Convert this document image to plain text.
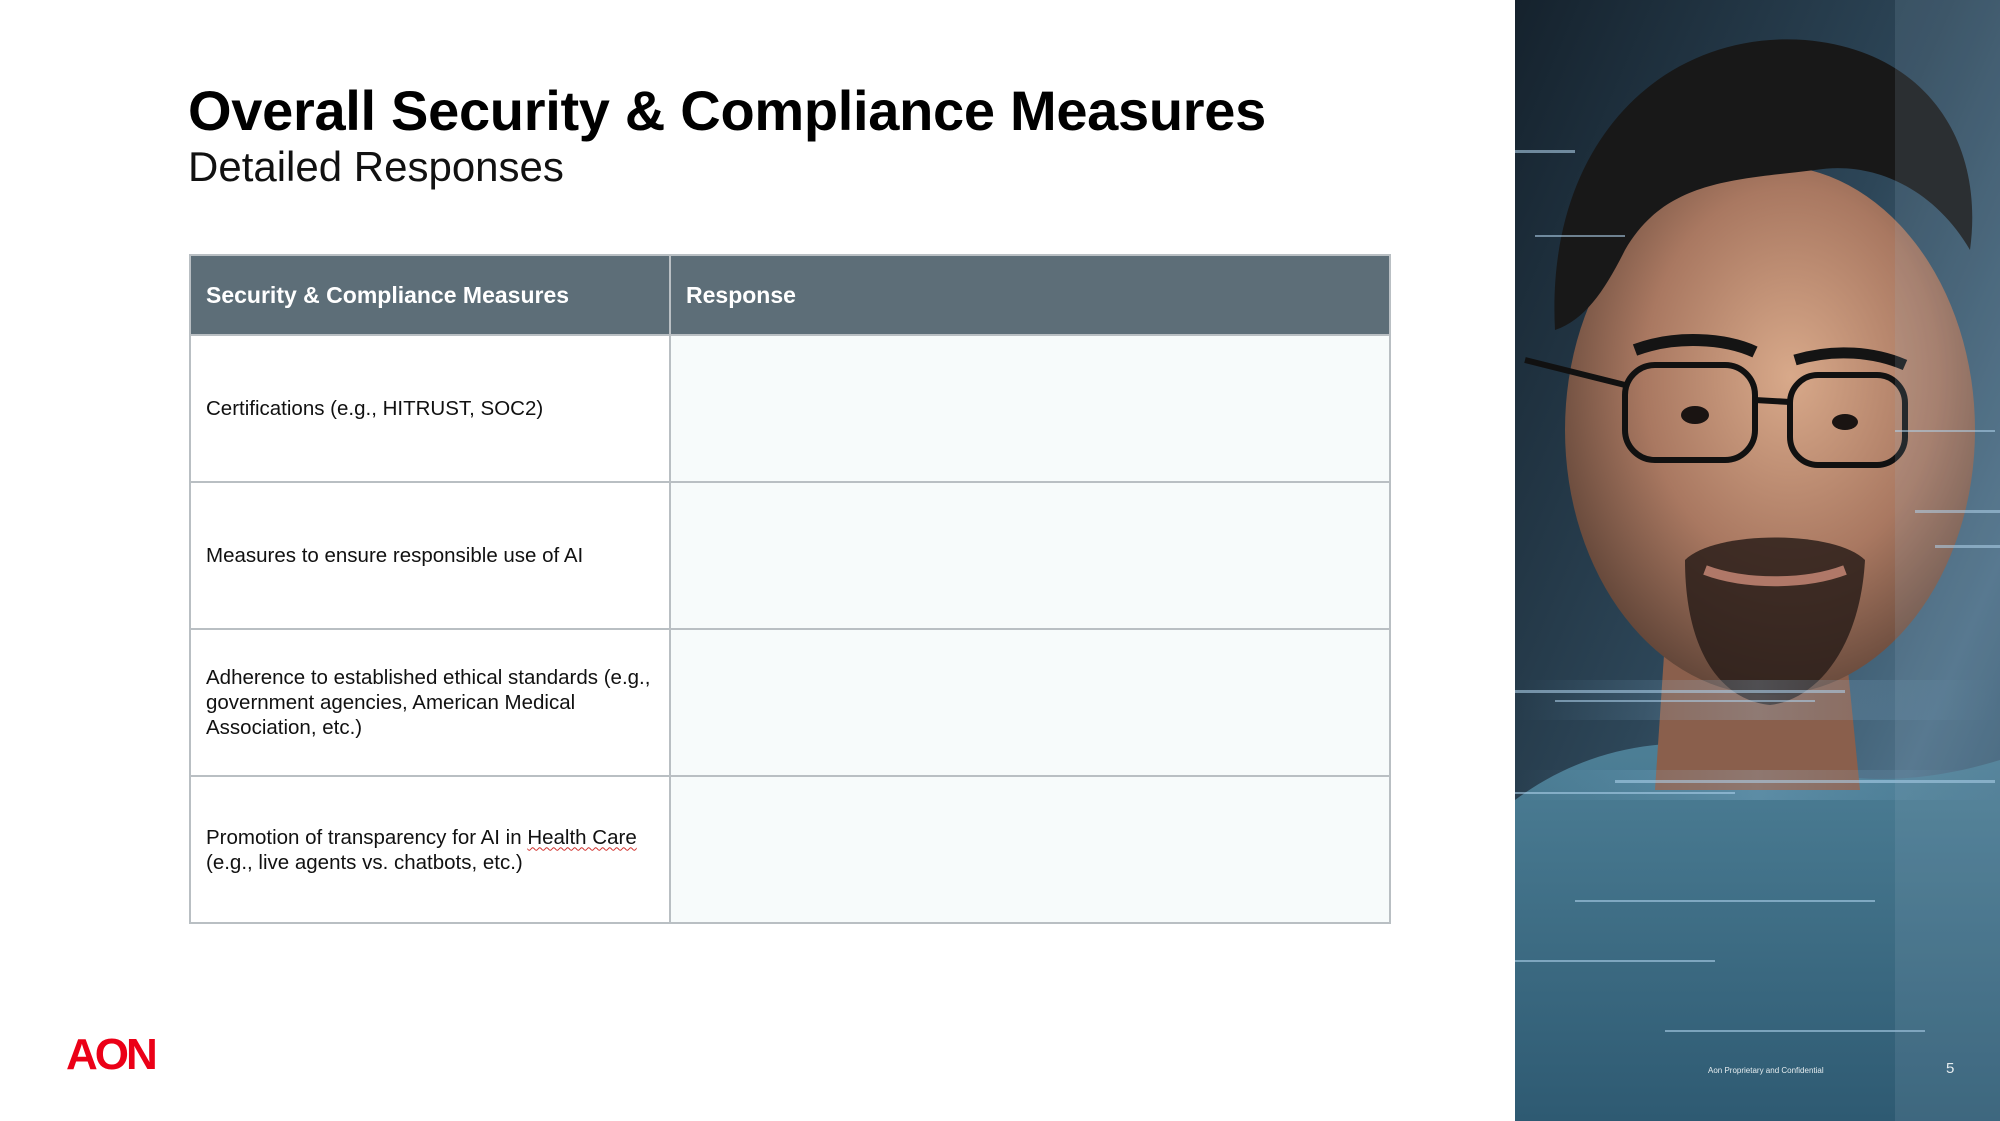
Overall Security & Compliance Measures
Detailed Responses
Security & Compliance Measures	Response
Certifications (e.g., HITRUST, SOC2)	
Measures to ensure responsible use of AI	
Adherence to established ethical standards (e.g., government agencies, American Medical Association, etc.)	
Promotion of transparency for AI in Health Care (e.g., live agents vs. chatbots, etc.)	
AON	Aon Proprietary and Confidential	5
